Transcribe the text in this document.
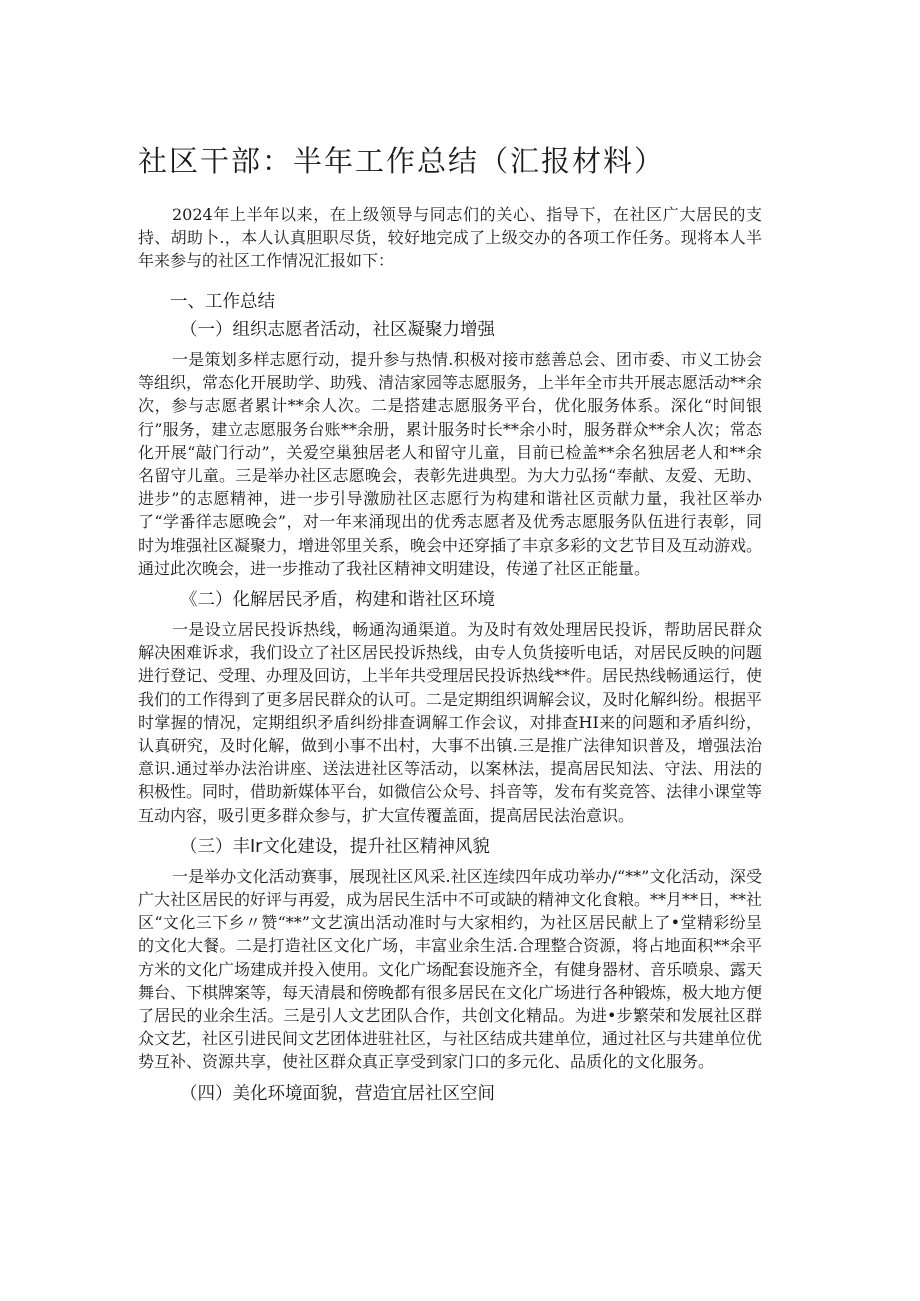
社区干部：半年工作总结（汇报材料）

2024年上半年以来，在上级领导与同志们的关心、指导下，在社区广大居民的支持、胡助卜.，本人认真胆职尽货，较好地完成了上级交办的各项工作任务。现将本人半年来参与的社区工作情况汇报如下：

一、工作总结
（一）组织志愿者活动，社区凝聚力增强

一是策划多样志愿行动，提升参与热情.积极对接市慈善总会、团市委、市义工协会等组织，常态化开展助学、助残、清洁家园等志愿服务，上半年全市共开展志愿活动**余次，参与志愿者累计**余人次。二是搭建志愿服务平台，优化服务体系。深化“时间银行”服务，建立志愿服务台账**余册，累计服务时长**余小时，服务群众**余人次；常态化开展“敲门行动”，关爱空巢独居老人和留守儿童，目前已检盖**余名独居老人和**余名留守儿童。三是举办社区志愿晚会，表彰先进典型。为大力弘扬“奉献、友爱、无助、进步”的志愿精神，进一步引导激励社区志愿行为构建和谐社区贡献力量，我社区举办了“学番徉志愿晚会”，对一年来涌现出的优秀志愿者及优秀志愿服务队伍进行表彰，同时为堆强社区凝聚力，增进邻里关系，晚会中还穿插了丰京多彩的文艺节目及互动游戏。通过此次晚会，进一步推动了我社区精神文明建设，传递了社区正能量。

《二）化解居民矛盾，构建和谐社区环境

一是设立居民投诉热线，畅通沟通渠道。为及时有效处理居民投诉，帮助居民群众解决困难诉求，我们设立了社区居民投诉热线，由专人负货接听电话，对居民反映的问题进行登记、受理、办理及回访，上半年共受理居民投诉热线**件。居民热线畅通运行，使我们的工作得到了更多居民群众的认可。二是定期组织调解会议，及时化解纠纷。根据平时掌握的情况，定期组织矛盾纠纷排查调解工作会议，对排查HI来的问题和矛盾纠纷，认真研究，及时化解，做到小事不出村，大事不出镇.三是推广法律知识普及，增强法治意识.通过举办法治讲座、送法进社区等活动，以案林法，提高居民知法、守法、用法的积极性。同时，借助新媒体平台，如微信公众号、抖音等，发布有奖竞答、法律小课堂等互动内容，吸引更多群众参与，扩大宣传覆盖面，提高居民法治意识。

（三）丰Ir文化建设，提升社区精神风貌

一是举办文化活动赛事，展现社区风采.社区连续四年成功举办/“**”文化活动，深受广大社区居民的好评与再爱，成为居民生活中不可或缺的精神文化食粮。**月**日，**社区“文化三下乡〃赞“**”文艺演出活动准时与大家相约，为社区居民献上了•堂精彩纷呈的文化大餐。二是打造社区文化广场，丰富业余生活.合理整合资源，将占地面积**余平方米的文化广场建成并投入使用。文化广场配套设施齐全，有健身器材、音乐喷泉、露天舞台、下棋牌案等，每天清晨和傍晚都有很多居民在文化广场进行各种锻炼，极大地方便了居民的业余生活。三是引人文艺团队合作，共创文化精品。为进•步繁荣和发展社区群众文艺，社区引进民间文艺团体进驻社区，与社区结成共建单位，通过社区与共建单位优势互补、资源共享，使社区群众真正享受到家门口的多元化、品质化的文化服务。

（四）美化环境面貌，营造宜居社区空间
